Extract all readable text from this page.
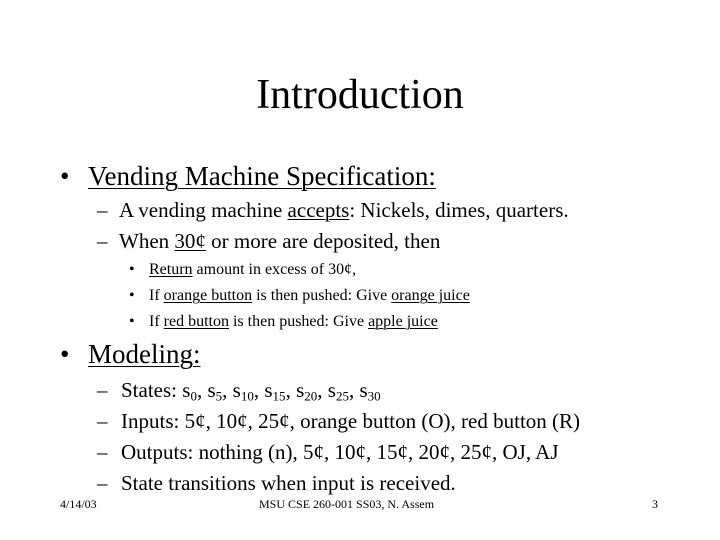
Introduction
• Vending Machine Specification:
– A vending machine accepts: Nickels, dimes, quarters.
– When 30¢ or more are deposited, then
• Return amount in excess of 30¢,
• If orange button is then pushed: Give orange juice
• If red button is then pushed: Give apple juice
• Modeling:
– States: $s_0$, $s_5$, $s_{10}$, $s_{15}$, $s_{20}$, $s_{25}$, $s_{30}$
– Inputs: 5¢, 10¢, 25¢, orange button (O), red button (R)
– Outputs: nothing (n), 5¢, 10¢, 15¢, 20¢, 25¢, OJ, AJ
– State transitions when input is received.
4/14/03	MSU CSE 260-001 SS03, N. Assem	3
